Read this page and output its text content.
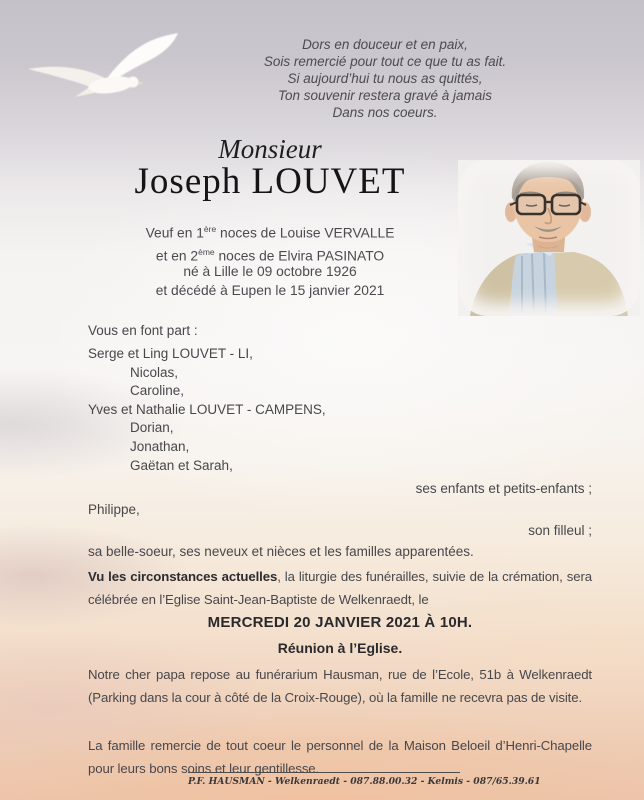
Dors en douceur et en paix,
Sois remercié pour tout ce que tu as fait.
Si aujourd’hui tu nous as quittés,
Ton souvenir restera gravé à jamais
Dans nos coeurs.
Monsieur
Joseph LOUVET
Veuf en 1ère noces de Louise VERVALLE
et en 2ème noces de Elvira PASINATO
né à Lille le 09 octobre 1926
et décédé à Eupen le 15 janvier 2021
Vous en font part :
Serge et Ling LOUVET - LI,
Nicolas,
Caroline,
Yves et Nathalie LOUVET - CAMPENS,
Dorian,
Jonathan,
Gaëtan et Sarah,
ses enfants et petits-enfants ;
Philippe,
son filleul ;
sa belle-soeur, ses neveux et nièces et les familles apparentées.
Vu les circonstances actuelles, la liturgie des funérailles, suivie de la crémation, sera célébrée en l’Eglise Saint-Jean-Baptiste de Welkenraedt, le
MERCREDI 20 JANVIER 2021 À 10H.
Réunion à l’Eglise.
Notre cher papa repose au funérarium Hausman, rue de l’Ecole, 51b à Welkenraedt (Parking dans la cour à côté de la Croix-Rouge), où la famille ne recevra pas de visite.
La famille remercie de tout coeur le personnel de la Maison Beloeil d’Henri-Chapelle pour leurs bons soins et leur gentillesse.
P.F. HAUSMAN - Welkenraedt - 087.88.00.32 - Kelmis - 087/65.39.61
